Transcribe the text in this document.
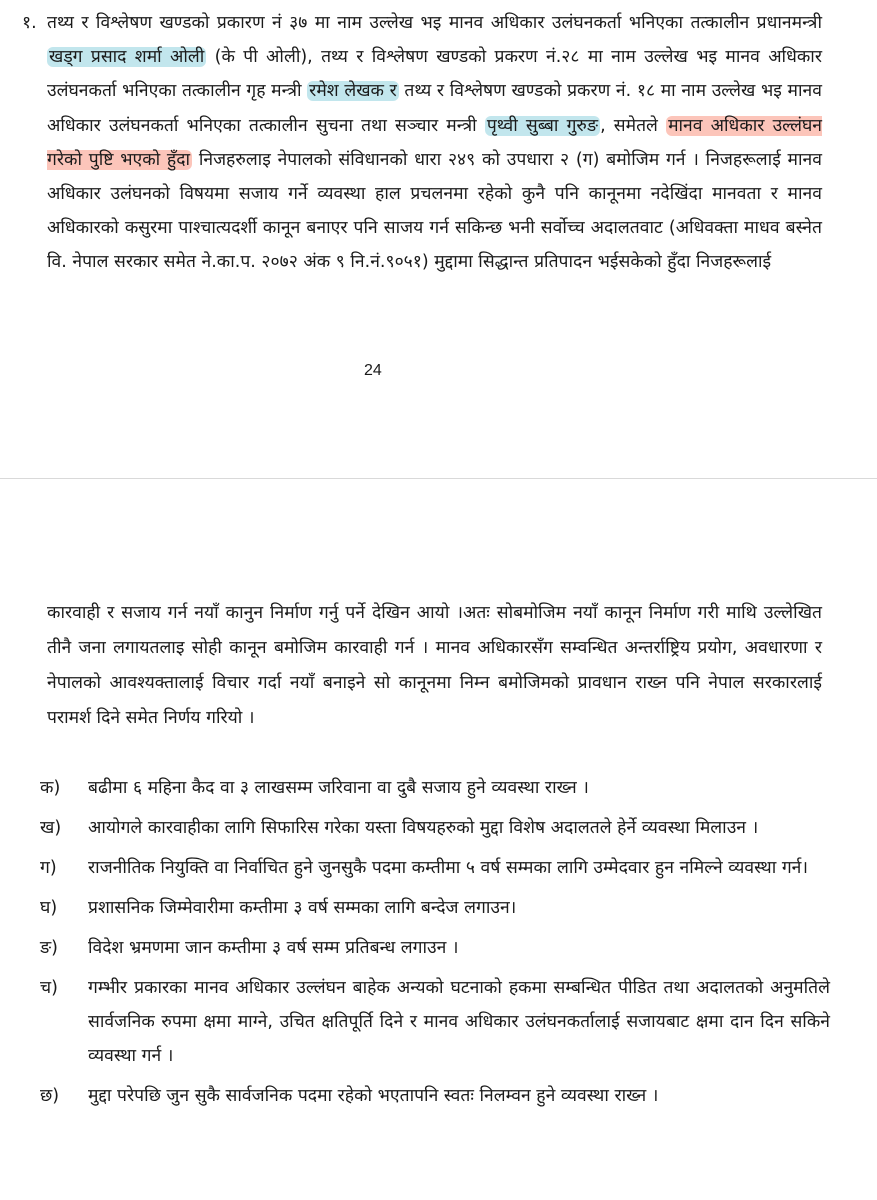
१. तथ्य र विश्लेषण खण्डको प्रकारण नं ३७ मा नाम उल्लेख भइ मानव अधिकार उलंघनकर्ता भनिएका तत्कालीन प्रधानमन्त्री खड्ग प्रसाद शर्मा ओली (के पी ओली), तथ्य र विश्लेषण खण्डको प्रकरण नं.२८ मा नाम उल्लेख भइ मानव अधिकार उलंघनकर्ता भनिएका तत्कालीन गृह मन्त्री रमेश लेखक र तथ्य र विश्लेषण खण्डको प्रकरण नं. १८ मा नाम उल्लेख भइ मानव अधिकार उलंघनकर्ता भनिएका तत्कालीन सुचना तथा सञ्चार मन्त्री पृथ्वी सुब्बा गुरुङ , समेतले मानव अधिकार उल्लंघन गरेको पुष्टि भएको हुँदा निजहरुलाइ नेपालको संविधानको धारा २४९ को उपधारा २ (ग) बमोजिम गर्न । निजहरूलाई मानव अधिकार उलंघनको विषयमा सजाय गर्ने व्यवस्था हाल प्रचलनमा रहेको कुनै पनि कानूनमा नदेखिंदा मानवता र मानव अधिकारको कसुरमा पाश्चात्यदर्शी कानून बनाएर पनि साजय गर्न सकिन्छ भनी सर्वोच्च अदालतवाट (अधिवक्ता माधव बस्नेत वि. नेपाल सरकार समेत ने.का.प. २०७२ अंक ९ नि.नं.९०५१) मुद्दामा सिद्धान्त प्रतिपादन भईसकेको हुँदा निजहरूलाई
24
कारवाही र सजाय गर्न नयाँ कानुन निर्माण गर्नु पर्ने देखिन आयो ।अतः सोबमोजिम नयाँ कानून निर्माण गरी माथि उल्लेखित तीनै जना लगायतलाइ सोही कानून बमोजिम कारवाही गर्न । मानव अधिकारसँग सम्वन्धित अन्तर्राष्ट्रिय प्रयोग, अवधारणा र नेपालको आवश्यक्तालाई विचार गर्दा नयाँ बनाइने सो कानूनमा निम्न बमोजिमको प्रावधान राख्न पनि नेपाल सरकारलाई परामर्श दिने समेत निर्णय गरियो ।
क) बढीमा ६ महिना कैद वा ३ लाखसम्म जरिवाना वा दुबै सजाय हुने व्यवस्था राख्न ।
ख) आयोगले कारवाहीका लागि सिफारिस गरेका यस्ता विषयहरुको मुद्दा विशेष अदालतले हेर्ने व्यवस्था मिलाउन ।
ग) राजनीतिक नियुक्ति वा निर्वाचित हुने जुनसुकै पदमा कम्तीमा ५ वर्ष सम्मका लागि उम्मेदवार हुन नमिल्ने व्यवस्था गर्न।
घ) प्रशासनिक जिम्मेवारीमा कम्तीमा ३ वर्ष सम्मका लागि बन्देज लगाउन।
ङ) विदेश भ्रमणमा जान कम्तीमा ३ वर्ष सम्म प्रतिबन्ध लगाउन ।
च) गम्भीर प्रकारका मानव अधिकार उल्लंघन बाहेक अन्यको घटनाको हकमा सम्बन्धित पीडित तथा अदालतको अनुमतिले सार्वजनिक रुपमा क्षमा माग्ने, उचित क्षतिपूर्ति दिने र मानव अधिकार उलंघनकर्तालाई सजायबाट क्षमा दान दिन सकिने व्यवस्था गर्न ।
छ) मुद्दा परेपछि जुन सुकै सार्वजनिक पदमा रहेको भएतापनि स्वतः निलम्वन हुने व्यवस्था राख्न ।
